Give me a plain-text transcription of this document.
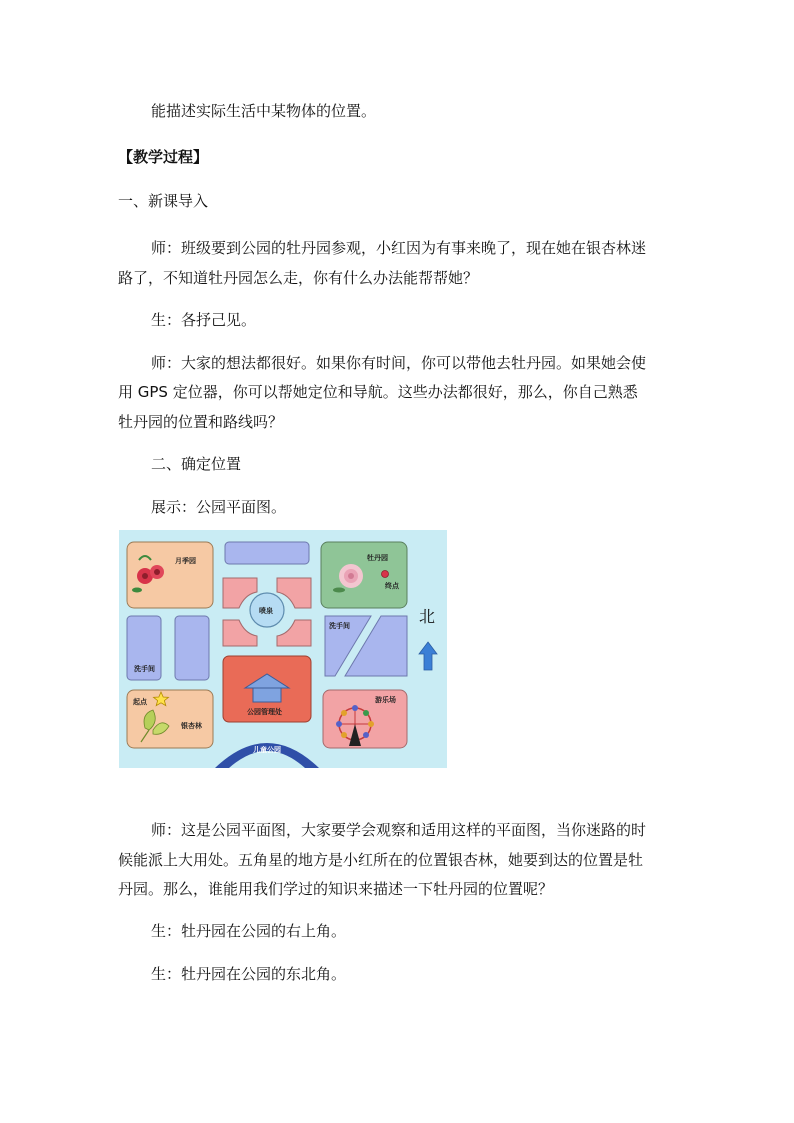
能描述实际生活中某物体的位置。
【教学过程】
一、新课导入
师：班级要到公园的牡丹园参观，小红因为有事来晚了，现在她在银杏林迷
路了，不知道牡丹园怎么走，你有什么办法能帮帮她？
生：各抒己见。
师：大家的想法都很好。如果你有时间，你可以带他去牡丹园。如果她会使
用 GPS 定位器，你可以帮她定位和导航。这些办法都很好，那么，你自己熟悉
牡丹园的位置和路线吗？
二、确定位置
展示：公园平面图。
月季园	牡丹园
终点
喷泉
洗手间
洗手间	北
起点
银杏林
公园管理处
游乐场
儿童公园
师：这是公园平面图，大家要学会观察和适用这样的平面图，当你迷路的时
候能派上大用处。五角星的地方是小红所在的位置银杏林，她要到达的位置是牡
丹园。那么，谁能用我们学过的知识来描述一下牡丹园的位置呢？
生：牡丹园在公园的右上角。
生：牡丹园在公园的东北角。
